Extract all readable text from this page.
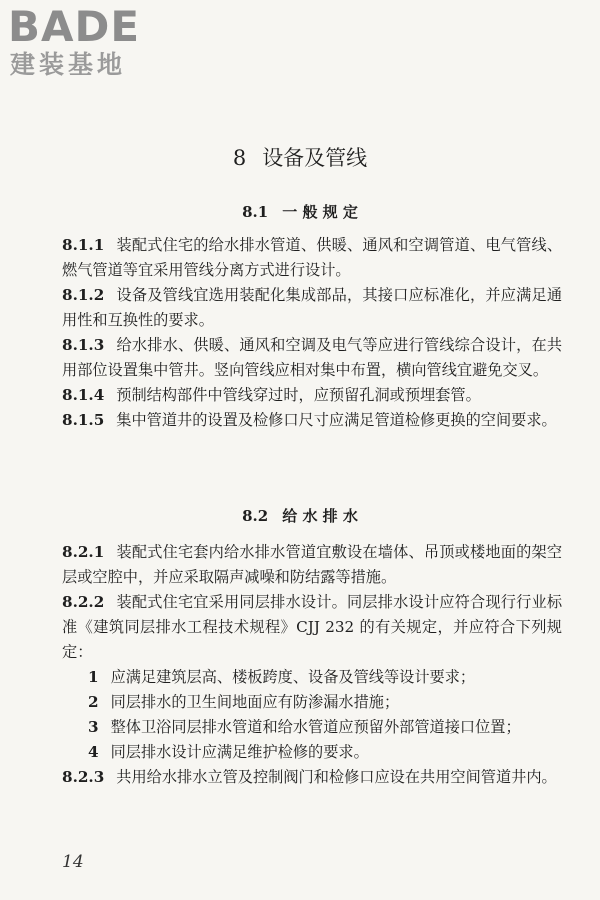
BADE
建装基地
8 设备及管线
8.1 一 般 规 定

8.1.1 装配式住宅的给水排水管道、供暖、通风和空调管道、电气管线、燃气管道等宜采用管线分离方式进行设计。

8.1.2 设备及管线宜选用装配化集成部品，其接口应标准化，并应满足通用性和互换性的要求。

8.1.3 给水排水、供暖、通风和空调及电气等应进行管线综合设计，在共用部位设置集中管井。竖向管线应相对集中布置，横向管线宜避免交叉。

8.1.4 预制结构部件中管线穿过时，应预留孔洞或预埋套管。

8.1.5 集中管道井的设置及检修口尺寸应满足管道检修更换的空间要求。

8.2 给 水 排 水

8.2.1 装配式住宅套内给水排水管道宜敷设在墙体、吊顶或楼地面的架空层或空腔中，并应采取隔声减噪和防结露等措施。

8.2.2 装配式住宅宜采用同层排水设计。同层排水设计应符合现行行业标准《建筑同层排水工程技术规程》CJJ 232 的有关规定，并应符合下列规定：

1 应满足建筑层高、楼板跨度、设备及管线等设计要求；

2 同层排水的卫生间地面应有防渗漏水措施；

3 整体卫浴同层排水管道和给水管道应预留外部管道接口位置；

4 同层排水设计应满足维护检修的要求。

8.2.3 共用给水排水立管及控制阀门和检修口应设在共用空间管道井内。

14
